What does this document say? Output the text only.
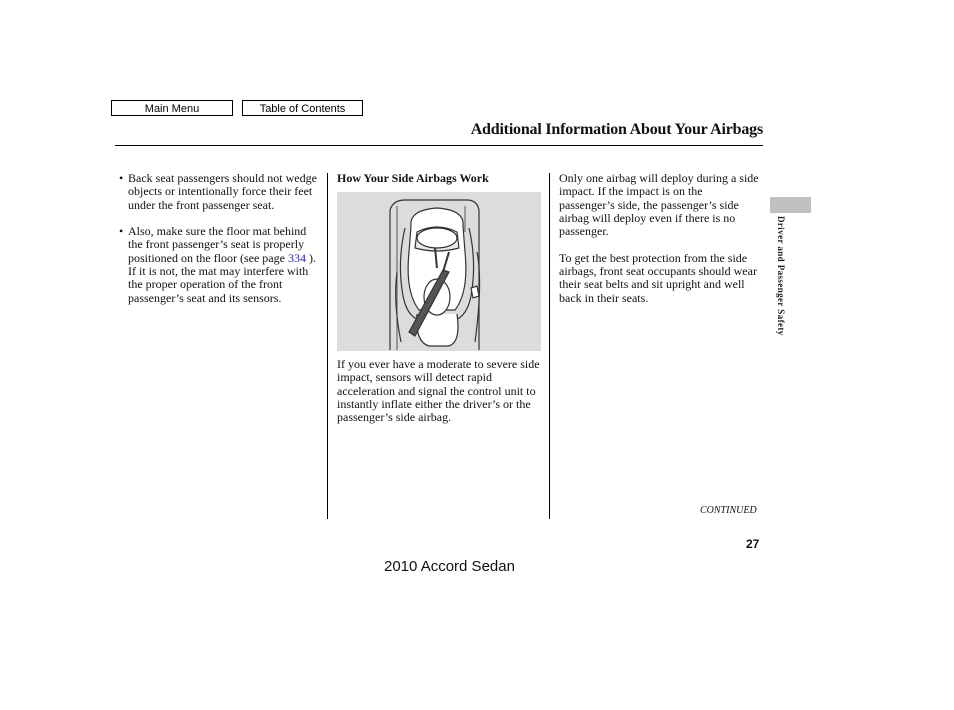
Main Menu	Table of Contents
Additional Information About Your Airbags

• Back seat passengers should not wedge objects or intentionally force their feet under the front passenger seat.

• Also, make sure the floor mat behind the front passenger’s seat is properly positioned on the floor (see page 334 ). If it is not, the mat may interfere with the proper operation of the front passenger’s seat and its sensors.

How Your Side Airbags Work

If you ever have a moderate to severe side impact, sensors will detect rapid acceleration and signal the control unit to instantly inflate either the driver’s or the passenger’s side airbag.

Only one airbag will deploy during a side impact. If the impact is on the passenger’s side, the passenger’s side airbag will deploy even if there is no passenger.

To get the best protection from the side airbags, front seat occupants should wear their seat belts and sit upright and well back in their seats.	Driver and Passenger Safety
CONTINUED
27
2010 Accord Sedan
